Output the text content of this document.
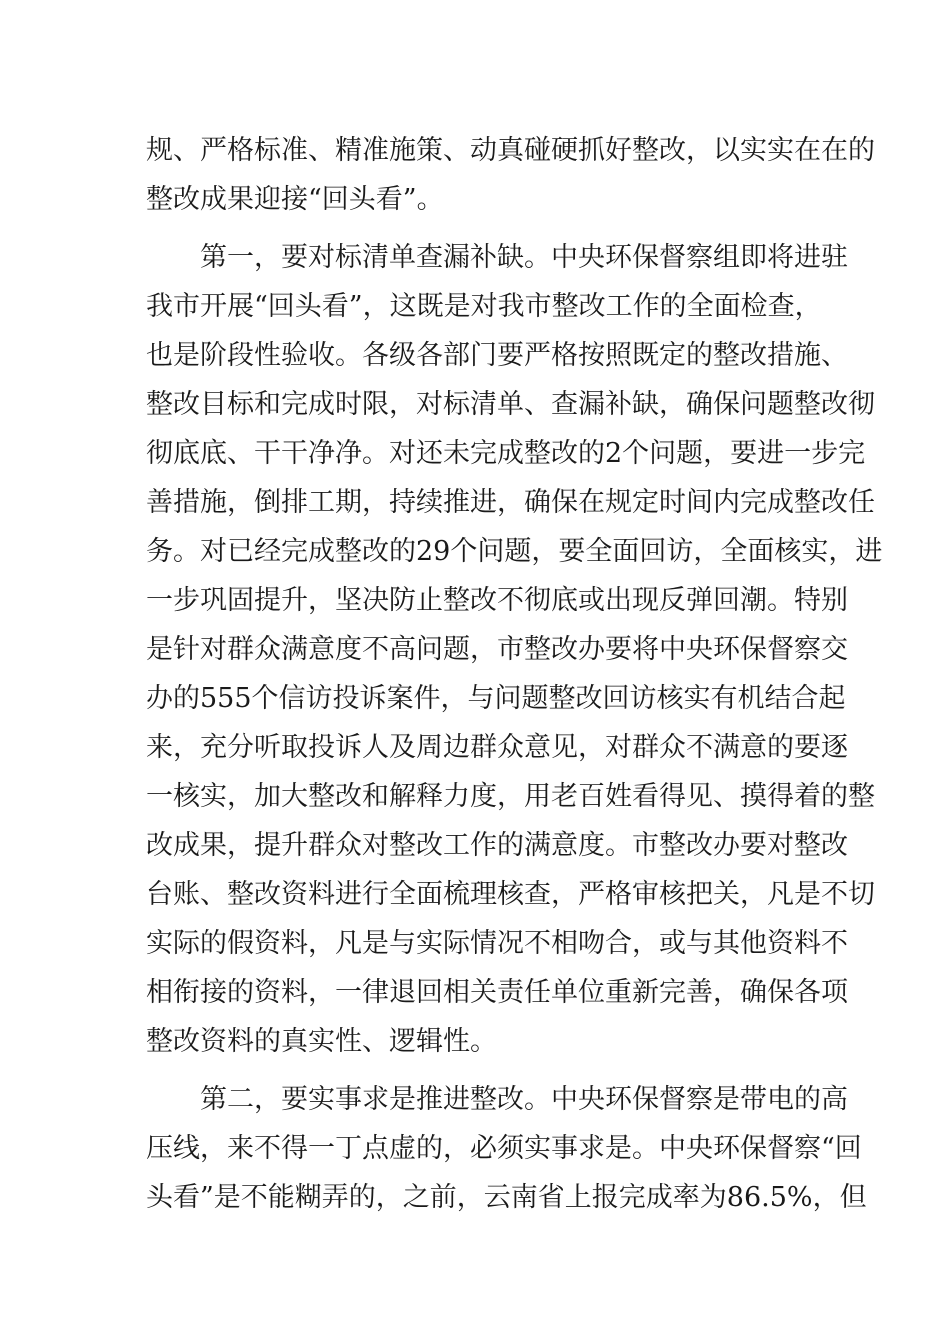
规、严格标准、精准施策、动真碰硬抓好整改，以实实在在的
整改成果迎接“回头看”。
第一，要对标清单查漏补缺。中央环保督察组即将进驻
我市开展“回头看”，这既是对我市整改工作的全面检查，
也是阶段性验收。各级各部门要严格按照既定的整改措施、
整改目标和完成时限，对标清单、查漏补缺，确保问题整改彻
彻底底、干干净净。对还未完成整改的2个问题，要进一步完
善措施，倒排工期，持续推进，确保在规定时间内完成整改任
务。对已经完成整改的29个问题，要全面回访，全面核实，进
一步巩固提升，坚决防止整改不彻底或出现反弹回潮。特别
是针对群众满意度不高问题，市整改办要将中央环保督察交
办的555个信访投诉案件，与问题整改回访核实有机结合起
来，充分听取投诉人及周边群众意见，对群众不满意的要逐
一核实，加大整改和解释力度，用老百姓看得见、摸得着的整
改成果，提升群众对整改工作的满意度。市整改办要对整改
台账、整改资料进行全面梳理核查，严格审核把关，凡是不切
实际的假资料，凡是与实际情况不相吻合，或与其他资料不
相衔接的资料，一律退回相关责任单位重新完善，确保各项
整改资料的真实性、逻辑性。
第二，要实事求是推进整改。中央环保督察是带电的高
压线，来不得一丁点虚的，必须实事求是。中央环保督察“回
头看”是不能糊弄的，之前，云南省上报完成率为86.5%，但
